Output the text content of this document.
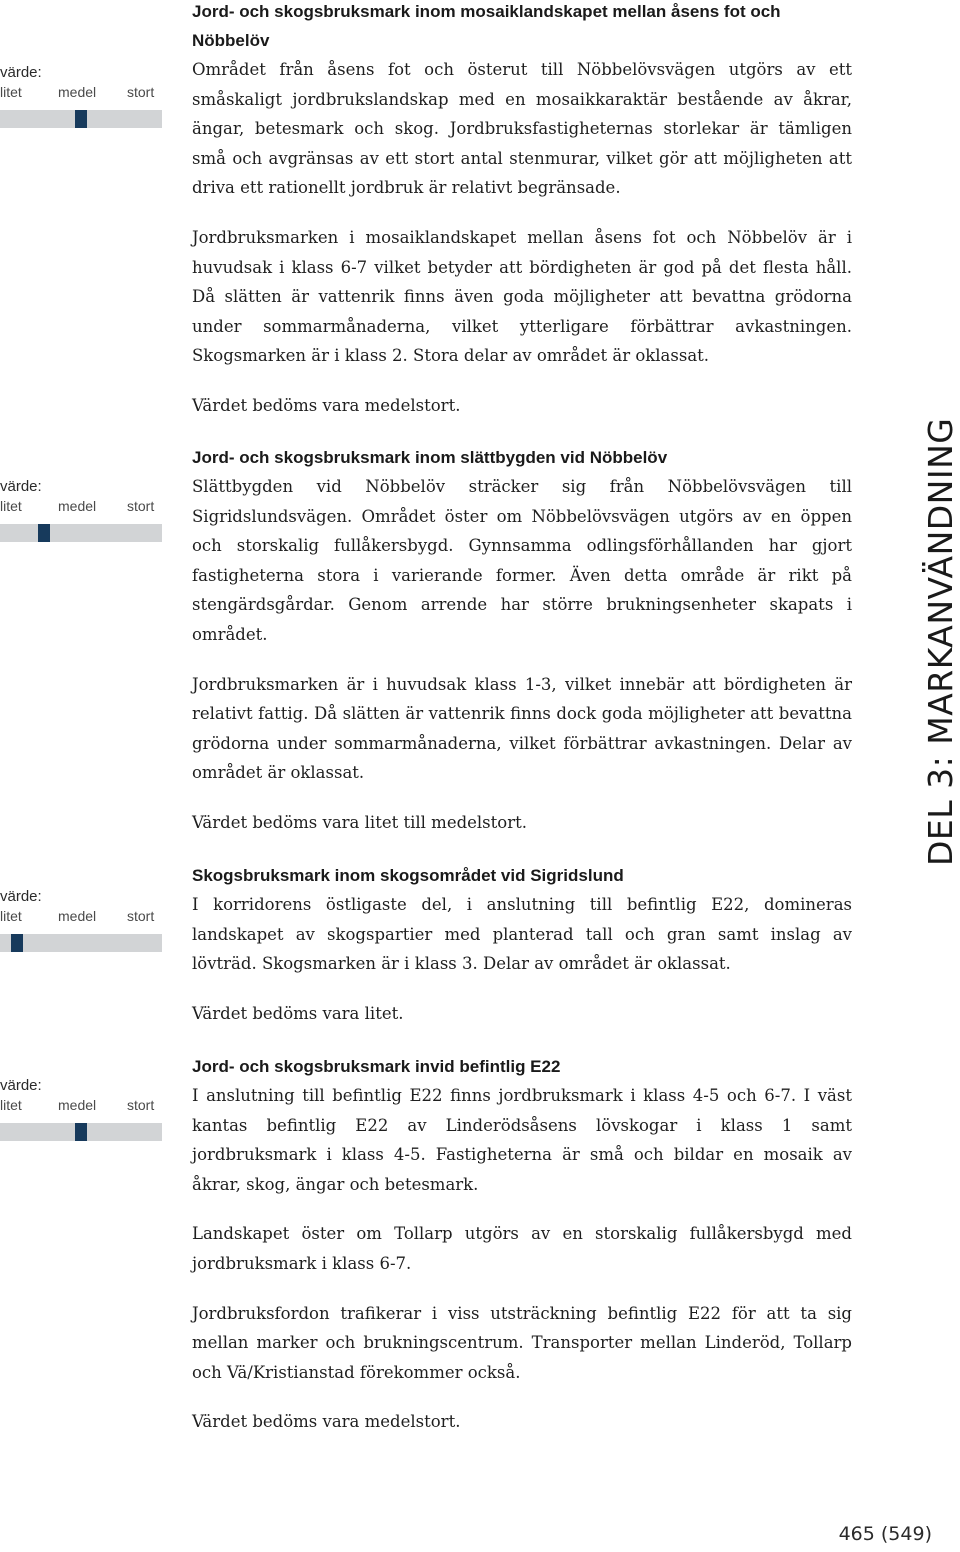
värde:
litet	medel stort
Jord- och skogsbruksmark inom mosaiklandskapet mellan åsens fot och Nöbbelöv

Området från åsens fot och österut till Nöbbelövsvägen utgörs av ett småskaligt jordbrukslandskap med en mosaikkaraktär bestående av åkrar, ängar, betesmark och skog. Jordbruksfastigheternas storlekar är tämligen små och avgränsas av ett stort antal stenmurar, vilket gör att möjligheten att driva ett rationellt jordbruk är relativt begränsade.

Jordbruksmarken i mosaiklandskapet mellan åsens fot och Nöbbelöv är i huvudsak i klass 6-7 vilket betyder att bördigheten är god på det flesta håll. Då slätten är vattenrik finns även goda möjligheter att bevattna grödorna under sommarmånaderna, vilket ytterligare förbättrar avkastningen. Skogsmarken är i klass 2. Stora delar av området är oklassat.

Värdet bedöms vara medelstort.

värde:
litet	medel stort
Jord- och skogsbruksmark inom slättbygden vid Nöbbelöv

Slättbygden vid Nöbbelöv sträcker sig från Nöbbelövsvägen till Sigridslundsvägen. Området öster om Nöbbelövsvägen utgörs av en öppen och storskalig fullåkersbygd. Gynnsamma odlingsförhållanden har gjort fastigheterna stora i varierande former. Även detta område är rikt på stengärdsgårdar. Genom arrende har större brukningsenheter skapats i området.

Jordbruksmarken är i huvudsak klass 1-3, vilket innebär att bördigheten är relativt fattig. Då slätten är vattenrik finns dock goda möjligheter att bevattna grödorna under sommarmånaderna, vilket förbättrar avkastningen. Delar av området är oklassat.

Värdet bedöms vara litet till medelstort.

värde:
litet	medel stort
Skogsbruksmark inom skogsområdet vid Sigridslund

I korridorens östligaste del, i anslutning till befintlig E22, domineras landskapet av skogspartier med planterad tall och gran samt inslag av lövträd. Skogsmarken är i klass 3. Delar av området är oklassat.

Värdet bedöms vara litet.

värde:
litet	medel stort
Jord- och skogsbruksmark invid befintlig E22

I anslutning till befintlig E22 finns jordbruksmark i klass 4-5 och 6-7. I väst kantas befintlig E22 av Linderödsåsens lövskogar i klass 1 samt jordbruksmark i klass 4-5. Fastigheterna är små och bildar en mosaik av åkrar, skog, ängar och betesmark.

Landskapet öster om Tollarp utgörs av en storskalig fullåkersbygd med jordbruksmark i klass 6-7.

Jordbruksfordon trafikerar i viss utsträckning befintlig E22 för att ta sig mellan marker och brukningscentrum. Transporter mellan Linderöd, Tollarp och Vä/Kristianstad förekommer också.

Värdet bedöms vara medelstort.

DEL 3: MARKANVÄNDNING
465 (549)
